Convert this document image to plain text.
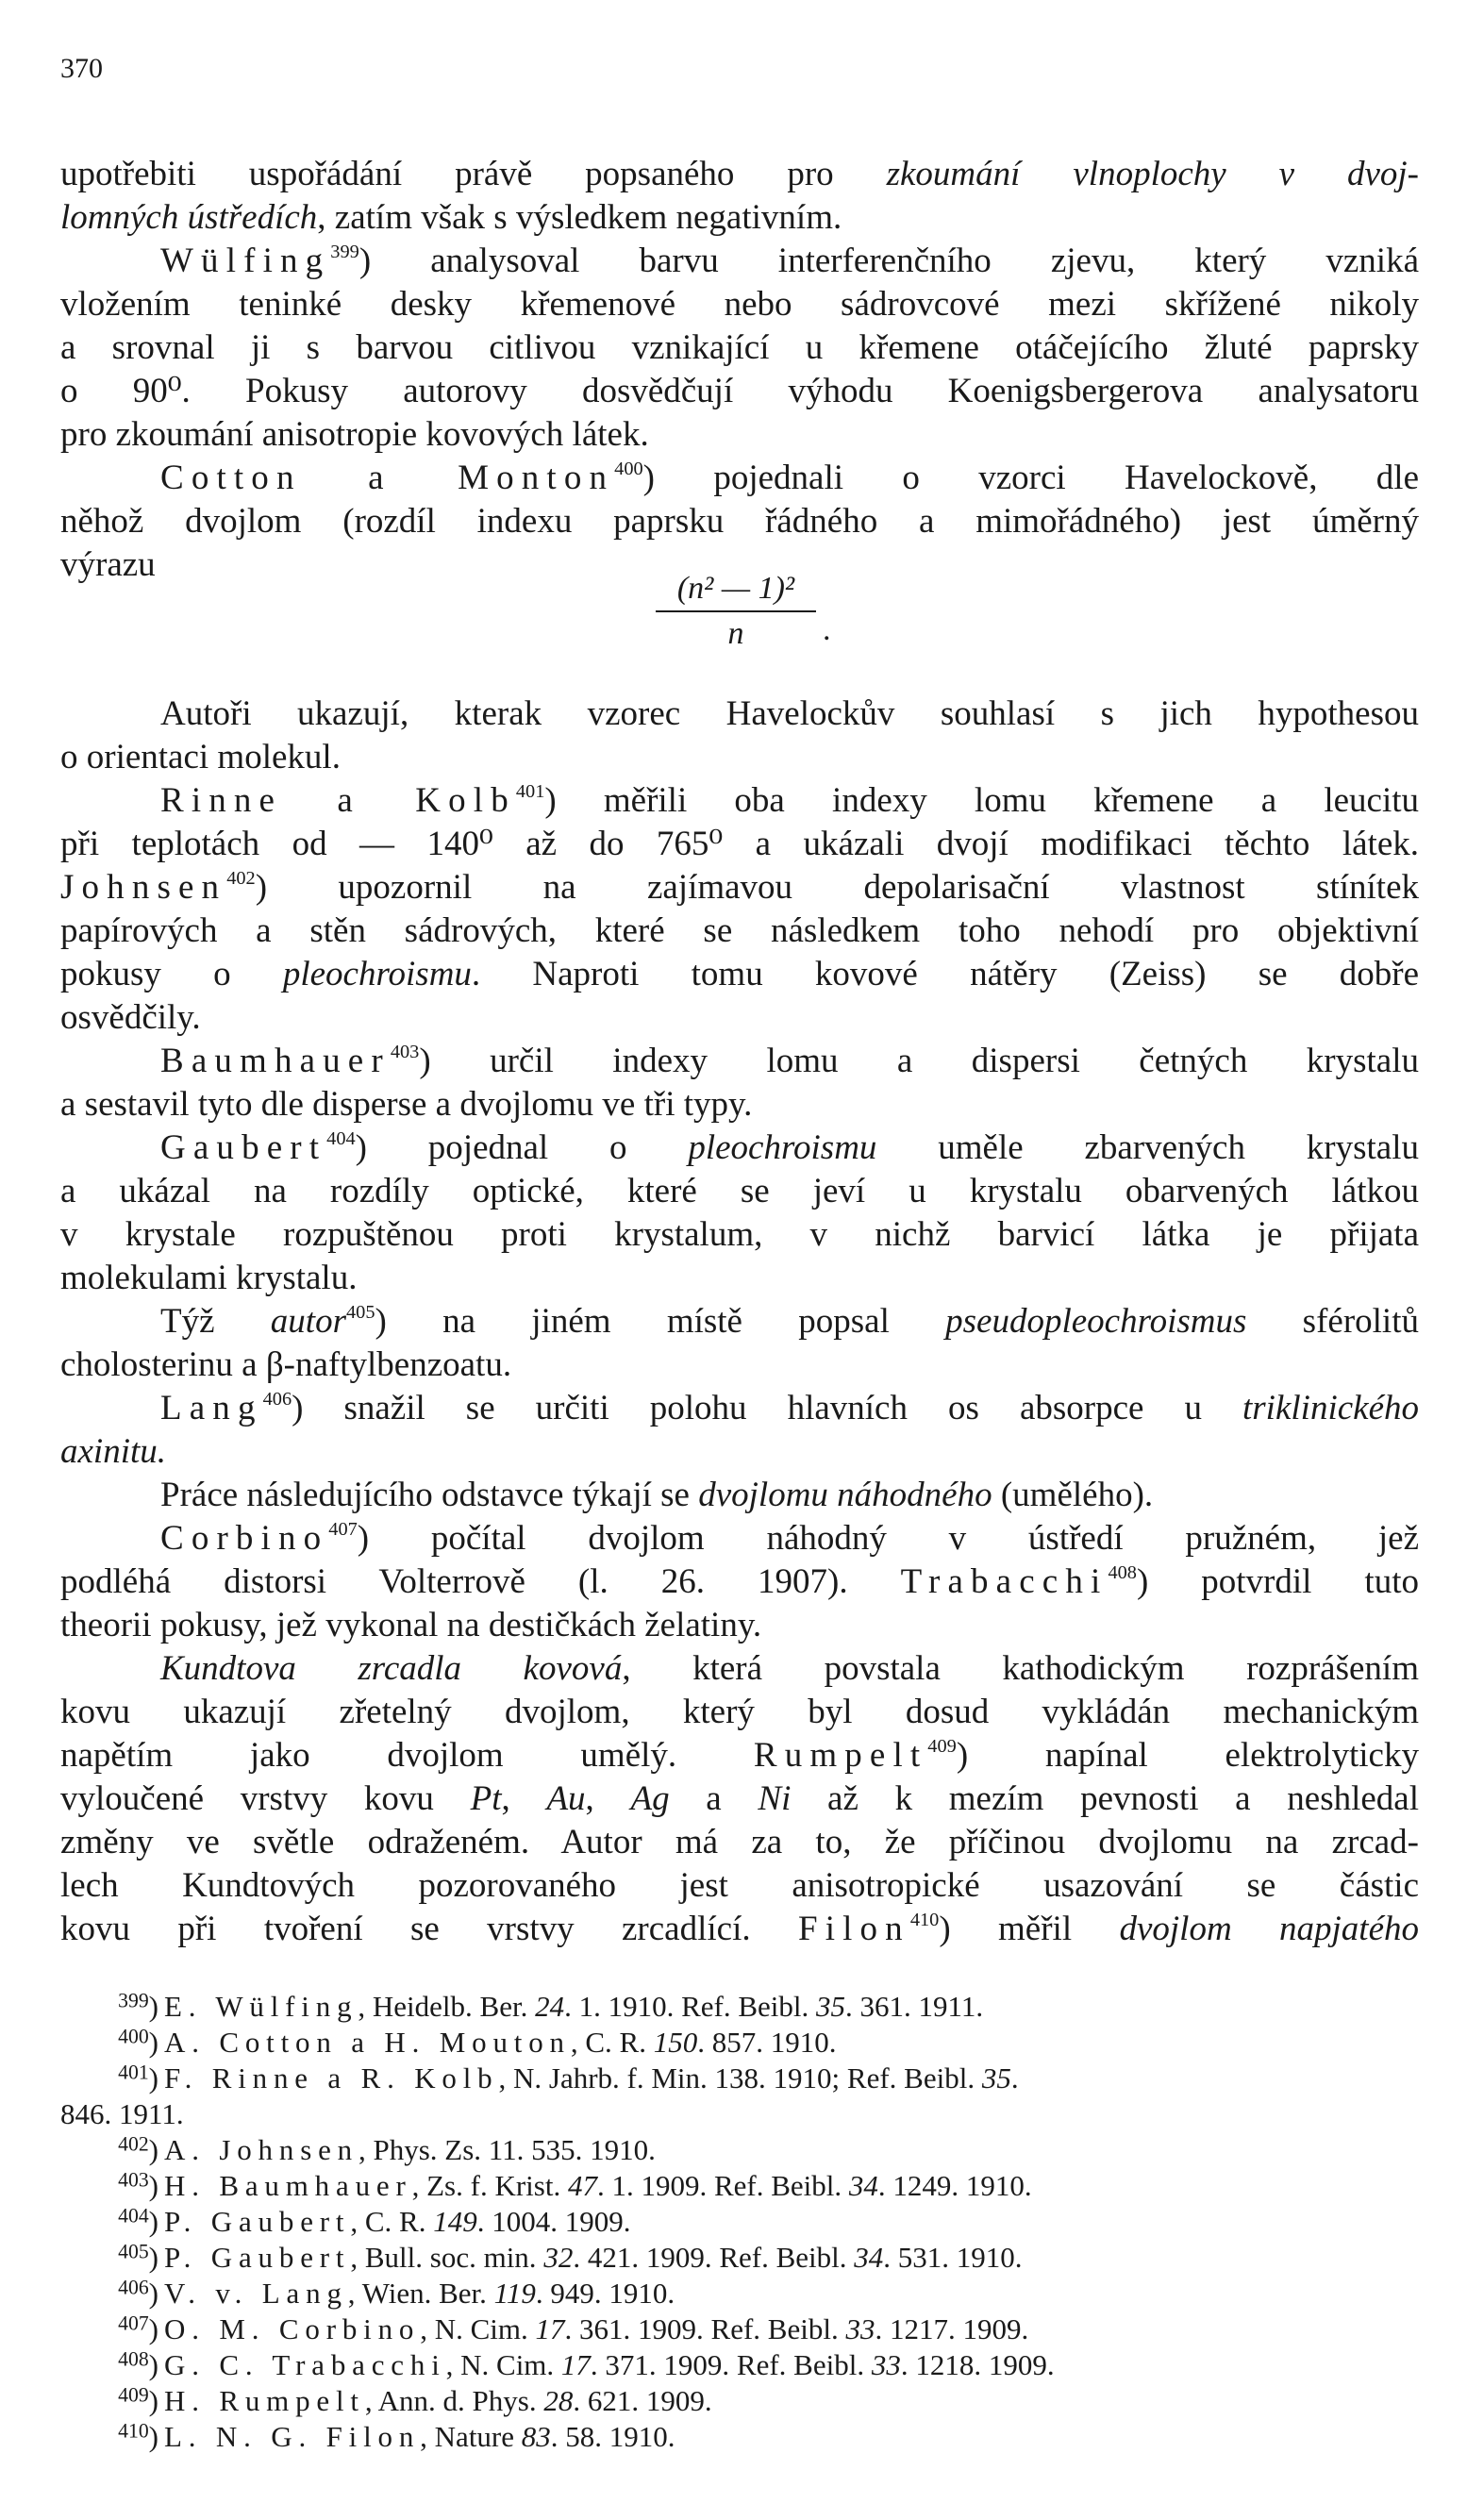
370
upotřebiti uspořádání právě popsaného pro zkoumání vlnoplochy v dvoj-
lomných ústředích, zatím však s výsledkem negativním.
Wülfing$^{399}$) analysoval barvu interferenčního zjevu, který vzniká
vložením teninké desky křemenové nebo sádrovcové mezi skřížené nikoly
a srovnal ji s barvou citlivou vznikající u křemene otáčejícího žluté paprsky
o 90⁰. Pokusy autorovy dosvědčují výhodu Koenigsbergerova analysatoru
pro zkoumání anisotropie kovových látek.
Cotton a Monton$^{400}$) pojednali o vzorci Havelockově, dle
něhož dvojlom (rozdíl indexu paprsku řádného a mimořádného) jest úměrný
výrazu
(n² — 1)²
n	.
Autoři ukazují, kterak vzorec Havelockův souhlasí s jich hypothesou
o orientaci molekul.
Rinne a Kolb$^{401}$) měřili oba indexy lomu křemene a leucitu
při teplotách od — 140⁰ až do 765⁰ a ukázali dvojí modifikaci těchto látek.
Johnsen$^{402}$) upozornil na zajímavou depolarisační vlastnost stínítek
papírových a stěn sádrových, které se následkem toho nehodí pro objektivní
pokusy o pleochroismu. Naproti tomu kovové nátěry (Zeiss) se dobře
osvědčily.
Baumhauer$^{403}$) určil indexy lomu a dispersi četných krystalu
a sestavil tyto dle disperse a dvojlomu ve tři typy.
Gaubert$^{404}$) pojednal o pleochroismu uměle zbarvených krystalu
a ukázal na rozdíly optické, které se jeví u krystalu obarvených látkou
v krystale rozpuštěnou proti krystalum, v nichž barvicí látka je přijata
molekulami krystalu.
Týž autor$^{405}$) na jiném místě popsal pseudopleochroismus sférolitů
cholosterinu a β-naftylbenzoatu.
Lang$^{406}$) snažil se určiti polohu hlavních os absorpce u triklinického
axinitu.
Práce následujícího odstavce týkají se dvojlomu náhodného (umělého).
Corbino$^{407}$) počítal dvojlom náhodný v ústředí pružném, jež
podléhá distorsi Volterrově (l. 26. 1907). Trabacchi$^{408}$) potvrdil tuto
theorii pokusy, jež vykonal na destičkách želatiny.
Kundtova zrcadla kovová, která povstala kathodickým rozprášením
kovu ukazují zřetelný dvojlom, který byl dosud vykládán mechanickým
napětím jako dvojlom umělý. Rumpelt$^{409}$) napínal elektrolyticky
vyloučené vrstvy kovu Pt, Au, Ag a Ni až k mezím pevnosti a neshledal
změny ve světle odraženém. Autor má za to, že příčinou dvojlomu na zrcad-
lech Kundtových pozorovaného jest anisotropické usazování se částic
kovu při tvoření se vrstvy zrcadlící. Filon$^{410}$) měřil dvojlom napjatého
$^{399}$) E. Wülfing, Heidelb. Ber. 24. 1. 1910. Ref. Beibl. 35. 361. 1911.
$^{400}$) A. Cotton a H. Mouton, C. R. 150. 857. 1910.
$^{401}$) F. Rinne a R. Kolb, N. Jahrb. f. Min. 138. 1910; Ref. Beibl. 35.
846. 1911.
$^{402}$) A. Johnsen, Phys. Zs. 11. 535. 1910.
$^{403}$) H. Baumhauer, Zs. f. Krist. 47. 1. 1909. Ref. Beibl. 34. 1249. 1910.
$^{404}$) P. Gaubert, C. R. 149. 1004. 1909.
$^{405}$) P. Gaubert, Bull. soc. min. 32. 421. 1909. Ref. Beibl. 34. 531. 1910.
$^{406}$) V. v. Lang, Wien. Ber. 119. 949. 1910.
$^{407}$) O. M. Corbino, N. Cim. 17. 361. 1909. Ref. Beibl. 33. 1217. 1909.
$^{408}$) G. C. Trabacchi, N. Cim. 17. 371. 1909. Ref. Beibl. 33. 1218. 1909.
$^{409}$) H. Rumpelt, Ann. d. Phys. 28. 621. 1909.
$^{410}$) L. N. G. Filon, Nature 83. 58. 1910.
